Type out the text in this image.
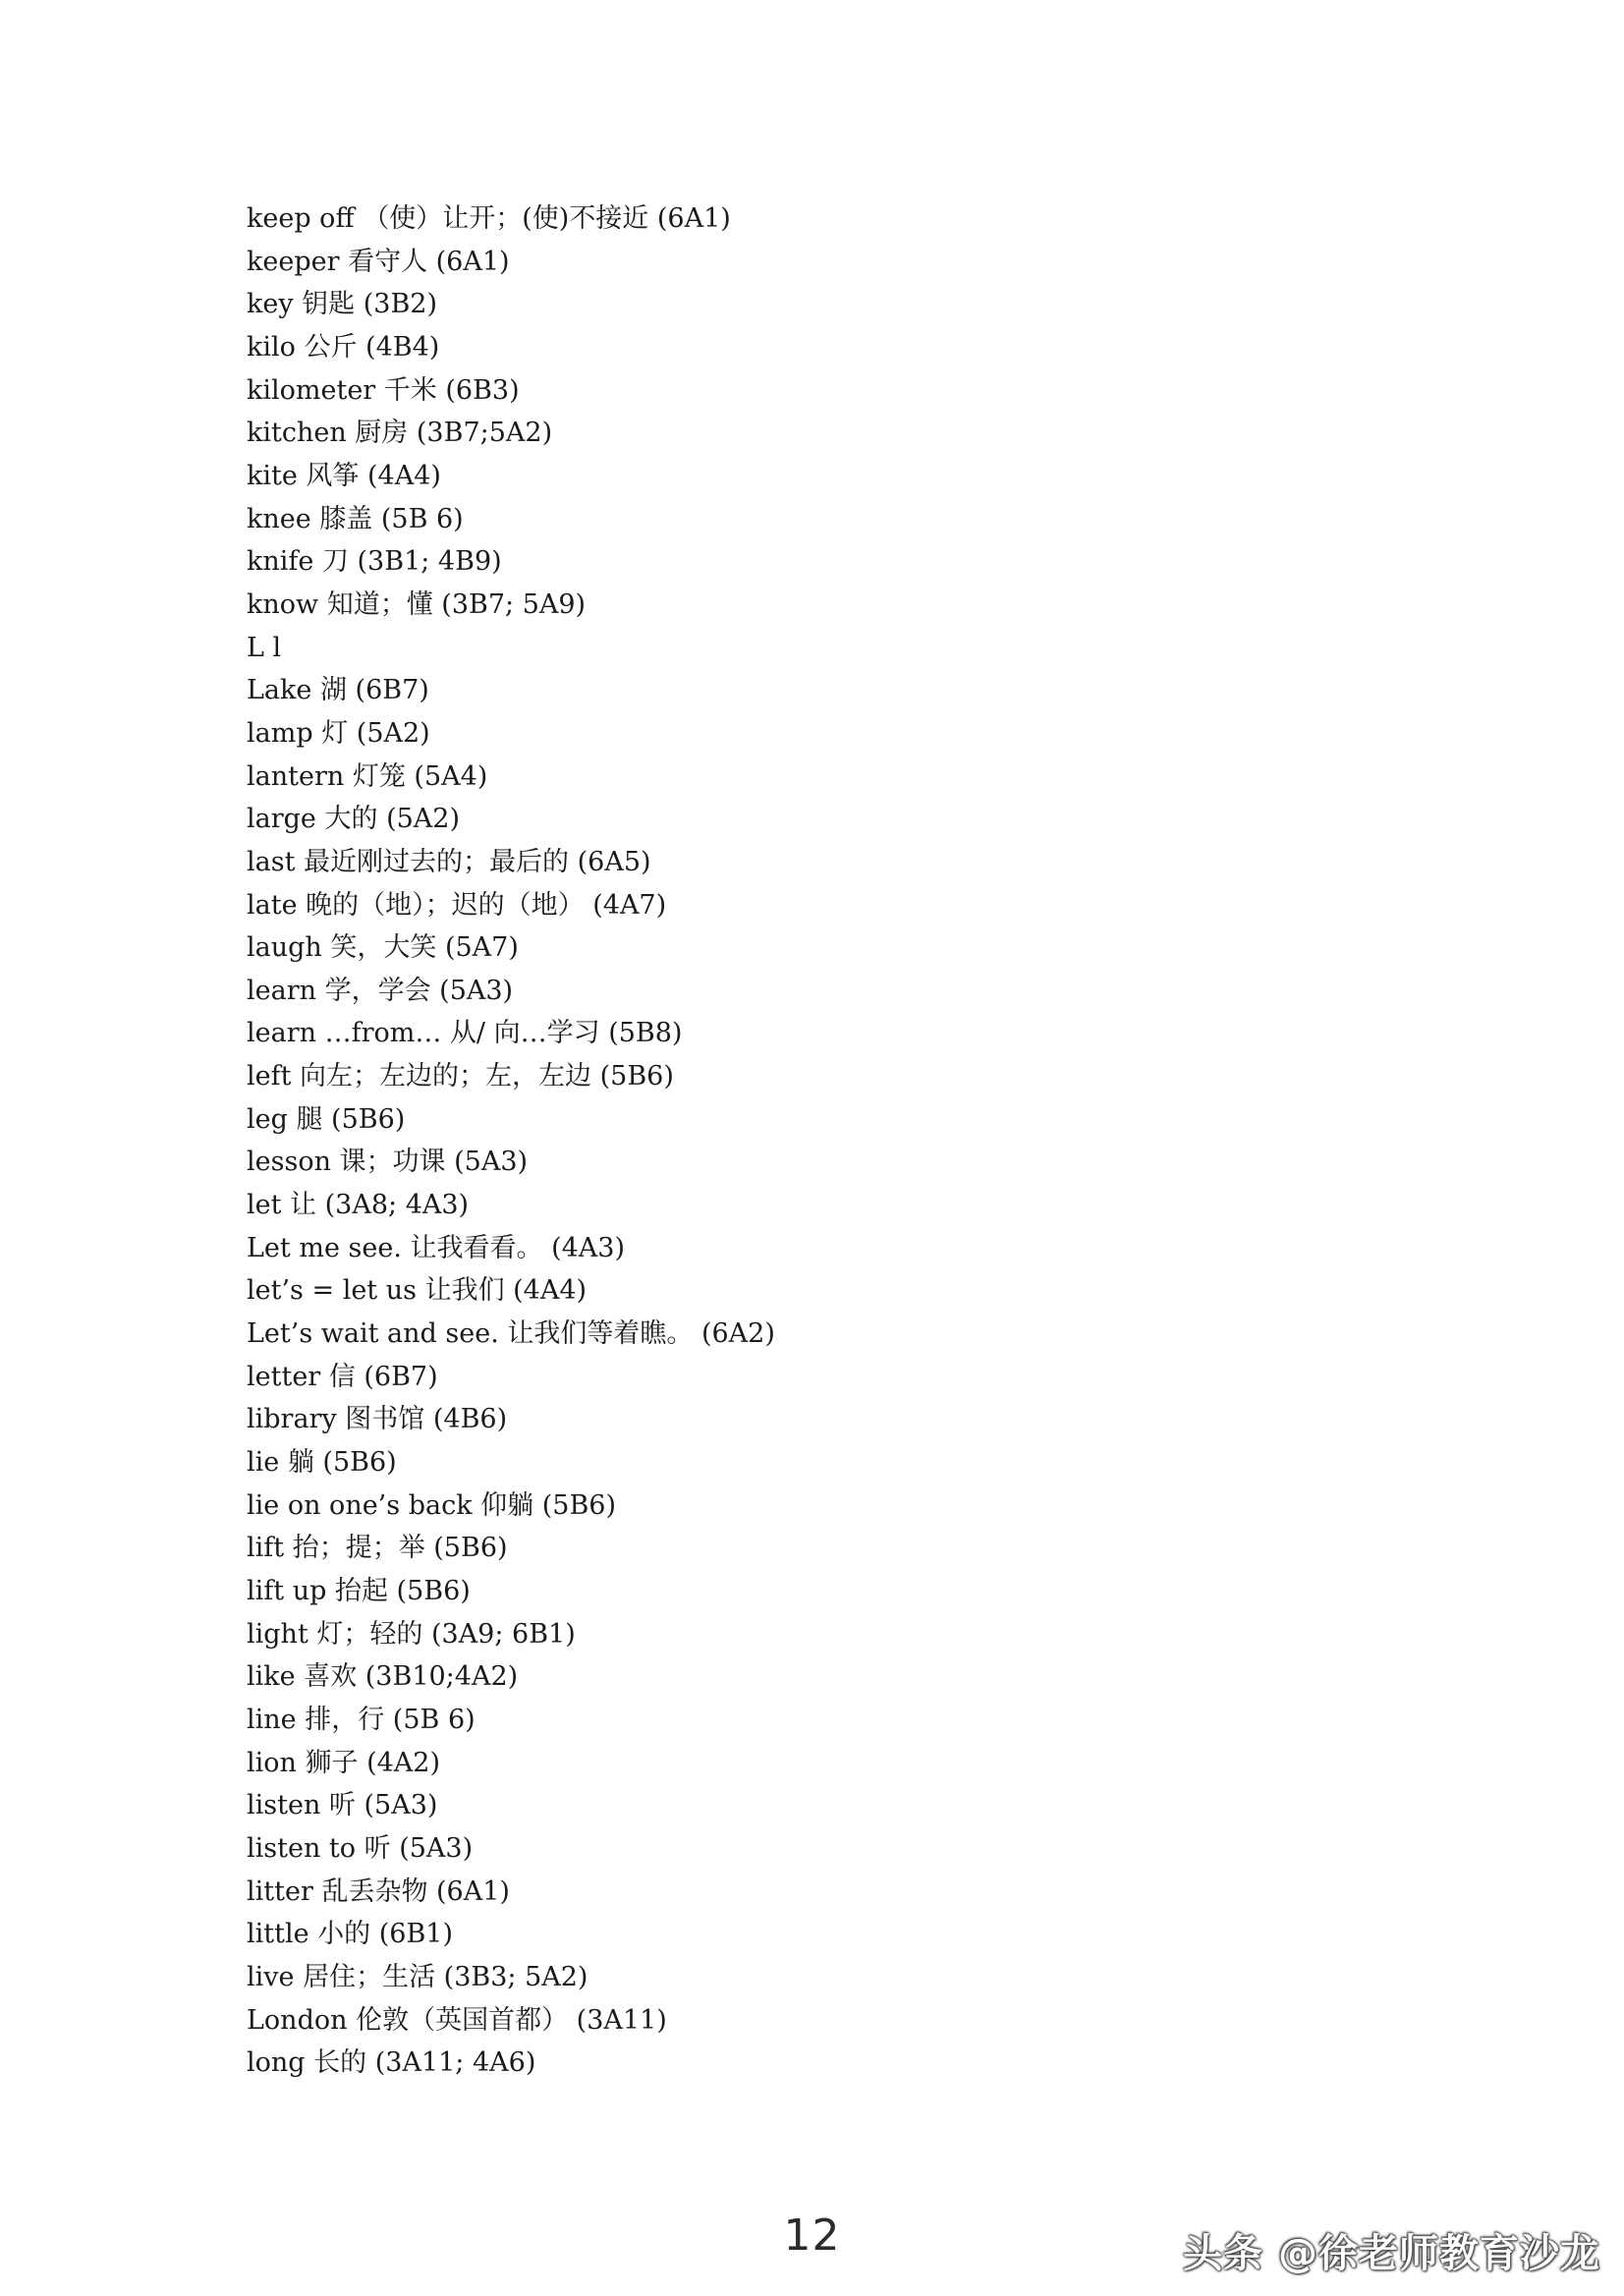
keep off （使）让开；(使)不接近 (6A1)
keeper 看守人 (6A1)
key 钥匙 (3B2)
kilo 公斤 (4B4)
kilometer 千米 (6B3)
kitchen 厨房 (3B7;5A2)
kite 风筝 (4A4)
knee 膝盖 (5B 6)
knife 刀 (3B1; 4B9)
know 知道；懂 (3B7; 5A9)
L l
Lake 湖 (6B7)
lamp 灯 (5A2)
lantern 灯笼 (5A4)
large 大的 (5A2)
last 最近刚过去的；最后的 (6A5)
late 晚的（地）；迟的（地） (4A7)
laugh 笑，大笑 (5A7)
learn 学，学会 (5A3)
learn …from… 从/ 向…学习 (5B8)
left 向左；左边的；左，左边 (5B6)
leg 腿 (5B6)
lesson 课；功课 (5A3)
let 让 (3A8; 4A3)
Let me see. 让我看看。 (4A3)
let’s = let us 让我们 (4A4)
Let’s wait and see. 让我们等着瞧。 (6A2)
letter 信 (6B7)
library 图书馆 (4B6)
lie 躺 (5B6)
lie on one’s back 仰躺 (5B6)
lift 抬；提；举 (5B6)
lift up 抬起 (5B6)
light 灯；轻的 (3A9; 6B1)
like 喜欢 (3B10;4A2)
line 排，行 (5B 6)
lion 狮子 (4A2)
listen 听 (5A3)
listen to 听 (5A3)
litter 乱丢杂物 (6A1)
little 小的 (6B1)
live 居住；生活 (3B3; 5A2)
London 伦敦（英国首都） (3A11)
long 长的 (3A11; 4A6)
12	头条 @徐老师教育沙龙
